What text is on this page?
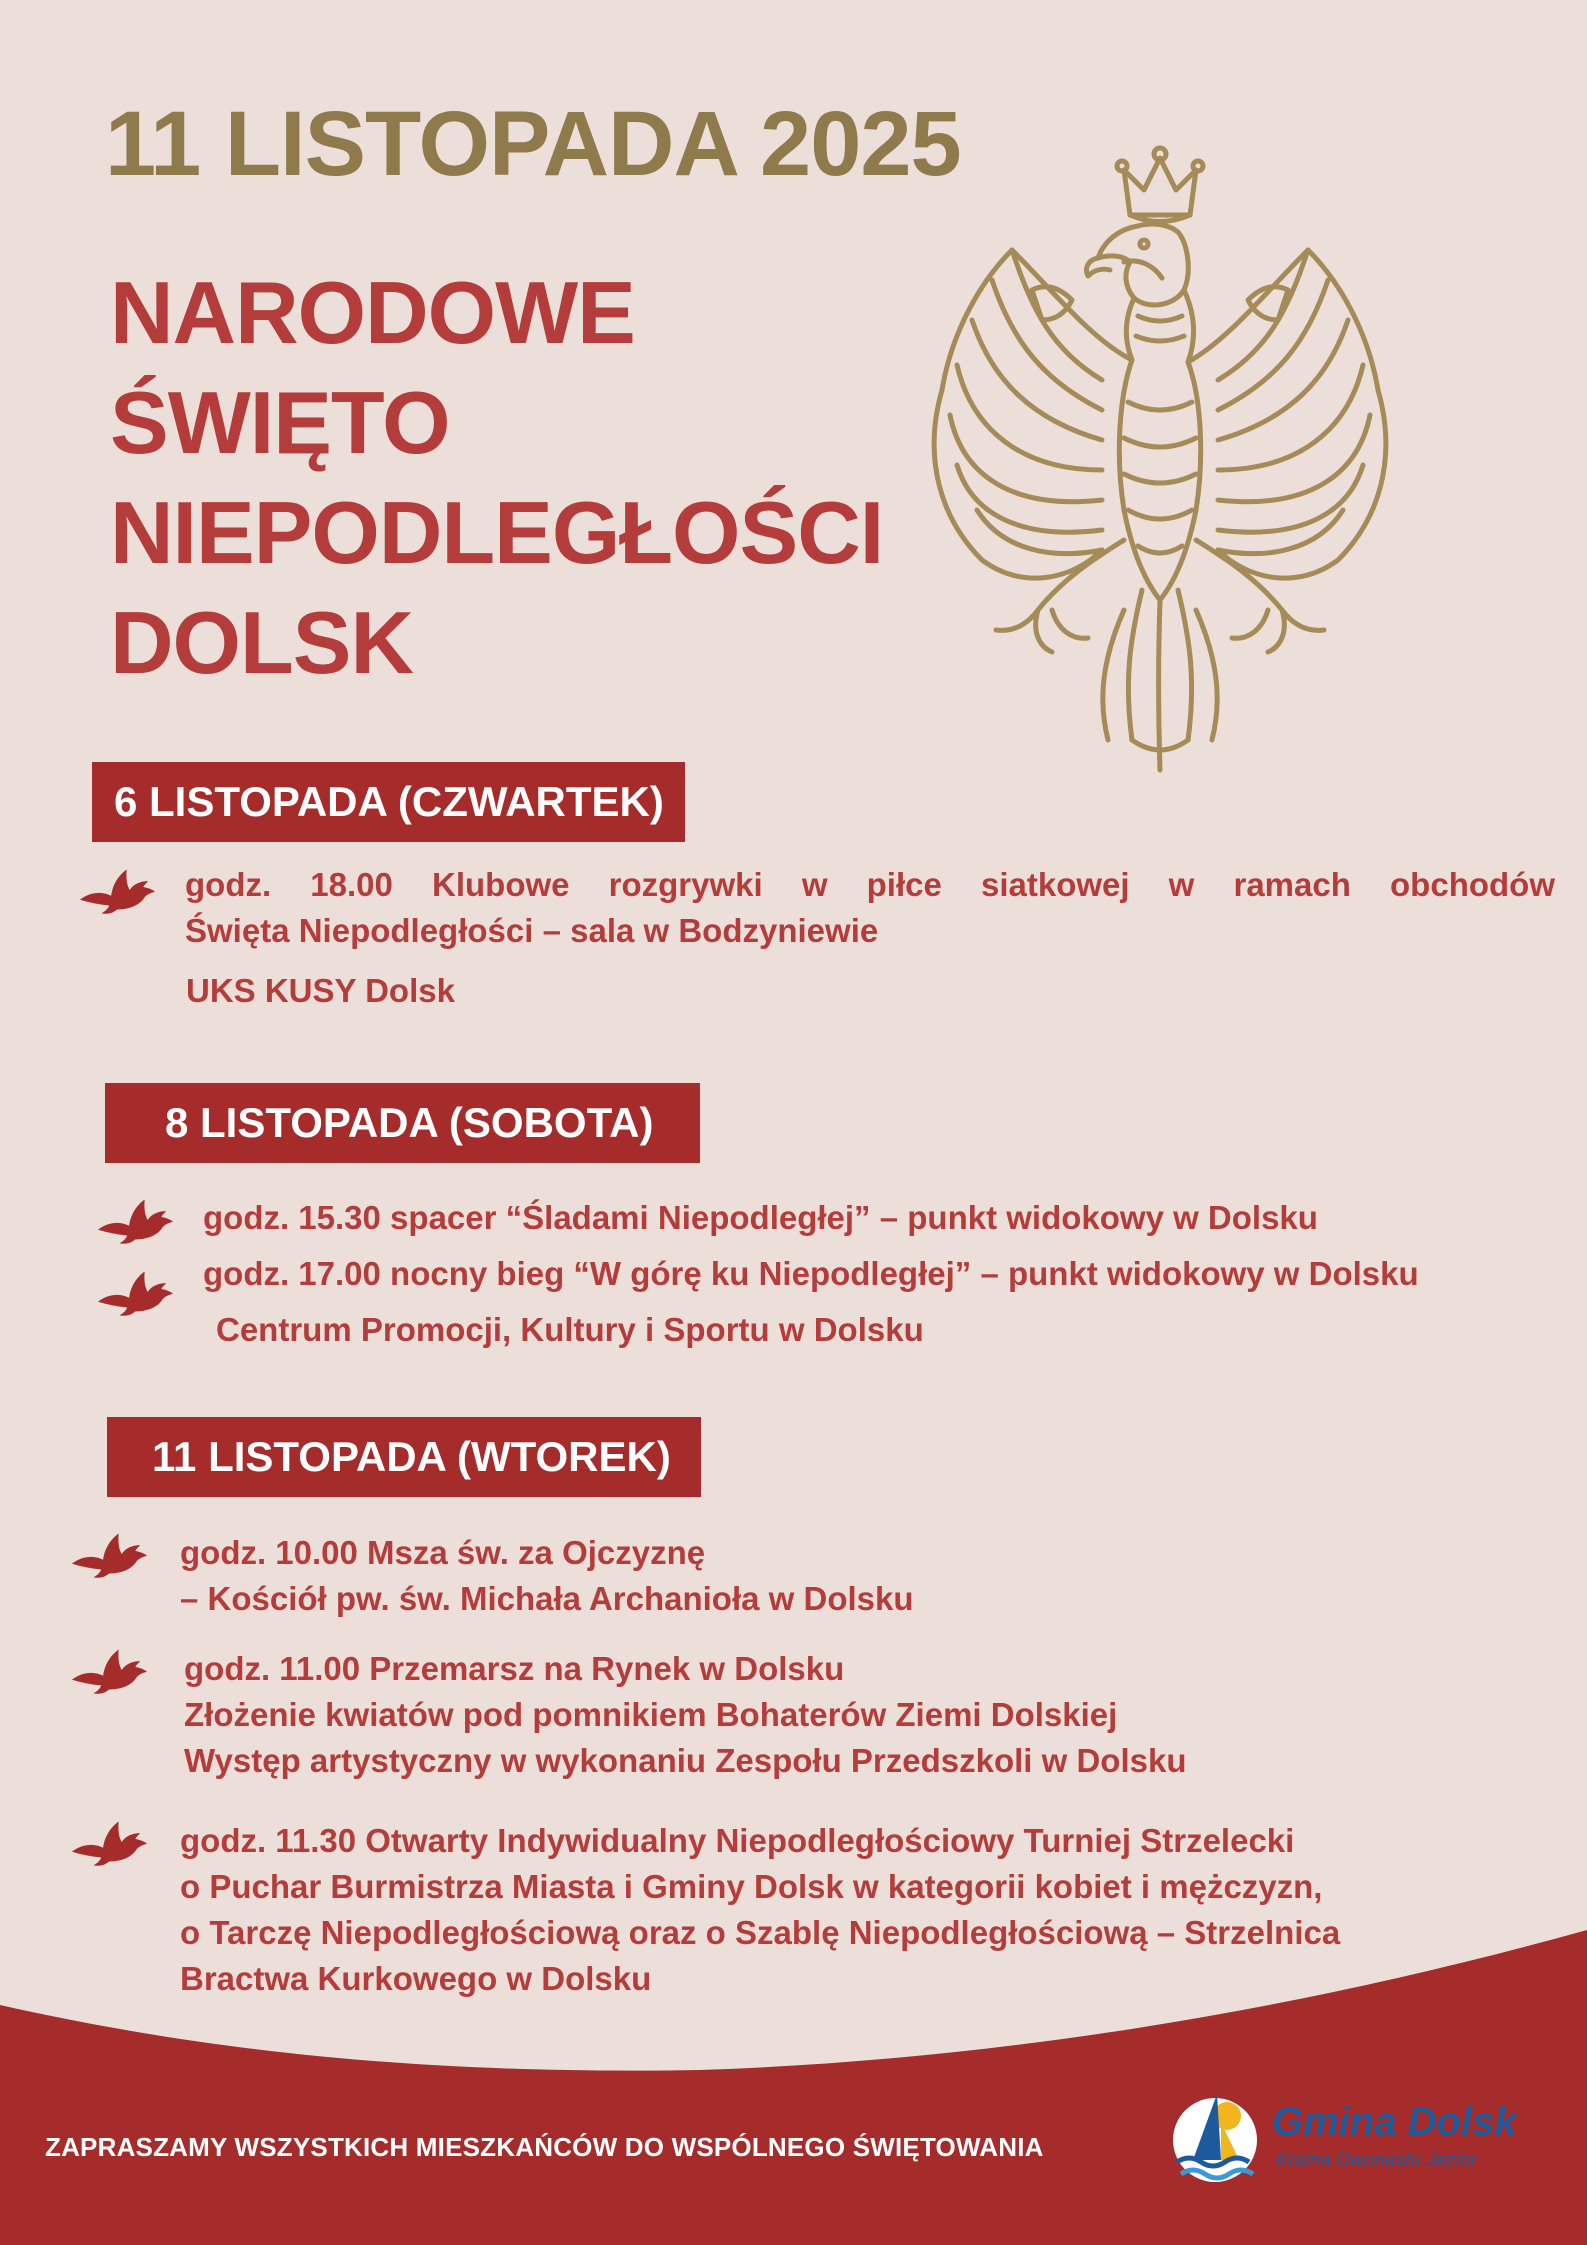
11 LISTOPADA 2025
NARODOWE
ŚWIĘTO
NIEPODLEGŁOŚCI
DOLSK
6 LISTOPADA (CZWARTEK)

godz. 18.00 Klubowe rozgrywki w piłce siatkowej w ramach obchodów
Święta Niepodległości – sala w Bodzyniewie

UKS KUSY Dolsk
8 LISTOPADA (SOBOTA)

godz. 15.30 spacer “Śladami Niepodległej” – punkt widokowy w Dolsku

godz. 17.00 nocny bieg “W górę ku Niepodległej” – punkt widokowy w Dolsku

Centrum Promocji, Kultury i Sportu w Dolsku
11 LISTOPADA (WTOREK)

godz. 10.00 Msza św. za Ojczyznę
– Kościół pw. św. Michała Archanioła w Dolsku

godz. 11.00 Przemarsz na Rynek w Dolsku
Złożenie kwiatów pod pomnikiem Bohaterów Ziemi Dolskiej
Występ artystyczny w wykonaniu Zespołu Przedszkoli w Dolsku

godz. 11.30 Otwarty Indywidualny Niepodległościowy Turniej Strzelecki
o Puchar Burmistrza Miasta i Gminy Dolsk w kategorii kobiet i mężczyzn,
o Tarczę Niepodległościową oraz o Szablę Niepodległościową – Strzelnica
Bractwa Kurkowego w Dolsku

ZAPRASZAMY WSZYSTKICH MIESZKAŃCÓW DO WSPÓLNEGO ŚWIĘTOWANIA
Gmina Dolsk
Kraina Dwunastu Jezior
